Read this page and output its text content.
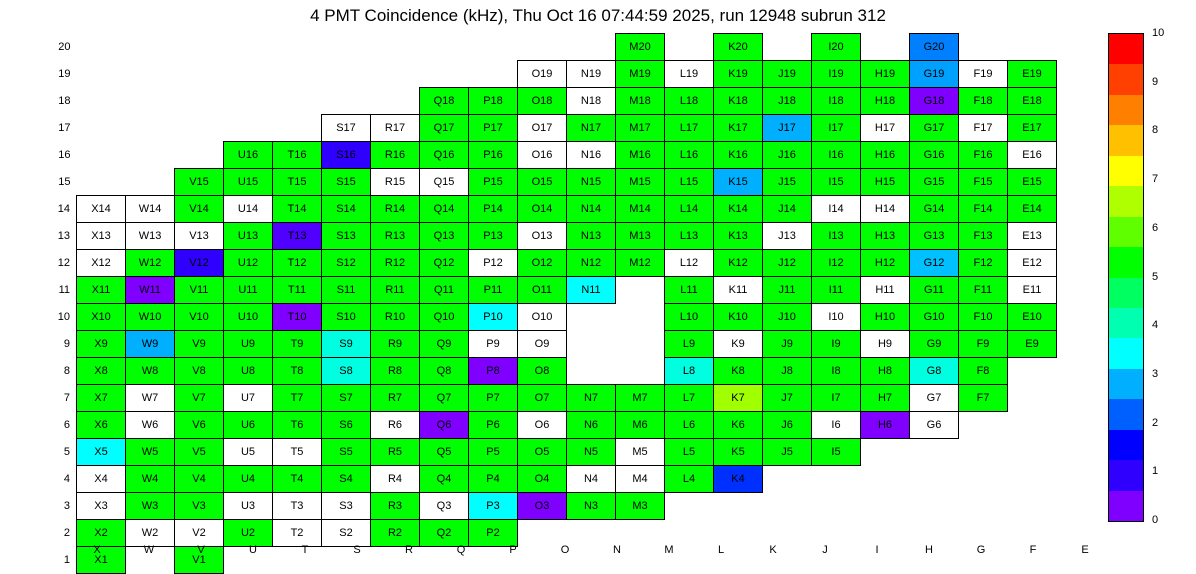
4 PMT Coincidence (kHz), Thu Oct 16 07:44:59 2025, run 12948 subrun 312
20												M20		K20		I20		G20		
19										O19	N19	M19	L19	K19	J19	I19	H19	G19	F19	E19
18								Q18	P18	O18	N18	M18	L18	K18	J18	I18	H18	G18	F18	E18
17						S17	R17	Q17	P17	O17	N17	M17	L17	K17	J17	I17	H17	G17	F17	E17
16				U16	T16	S16	R16	Q16	P16	O16	N16	M16	L16	K16	J16	I16	H16	G16	F16	E16
15			V15	U15	T15	S15	R15	Q15	P15	O15	N15	M15	L15	K15	J15	I15	H15	G15	F15	E15
14	X14	W14	V14	U14	T14	S14	R14	Q14	P14	O14	N14	M14	L14	K14	J14	I14	H14	G14	F14	E14
13	X13	W13	V13	U13	T13	S13	R13	Q13	P13	O13	N13	M13	L13	K13	J13	I13	H13	G13	F13	E13
12	X12	W12	V12	U12	T12	S12	R12	Q12	P12	O12	N12	M12	L12	K12	J12	I12	H12	G12	F12	E12
11	X11	W11	V11	U11	T11	S11	R11	Q11	P11	O11	N11		L11	K11	J11	I11	H11	G11	F11	E11
10	X10	W10	V10	U10	T10	S10	R10	Q10	P10	O10			L10	K10	J10	I10	H10	G10	F10	E10
9	X9	W9	V9	U9	T9	S9	R9	Q9	P9	O9			L9	K9	J9	I9	H9	G9	F9	E9
8	X8	W8	V8	U8	T8	S8	R8	Q8	P8	O8			L8	K8	J8	I8	H8	G8	F8	
7	X7	W7	V7	U7	T7	S7	R7	Q7	P7	O7	N7	M7	L7	K7	J7	I7	H7	G7	F7	
6	X6	W6	V6	U6	T6	S6	R6	Q6	P6	O6	N6	M6	L6	K6	J6	I6	H6	G6		
5	X5	W5	V5	U5	T5	S5	R5	Q5	P5	O5	N5	M5	L5	K5	J5	I5				
4	X4	W4	V4	U4	T4	S4	R4	Q4	P4	O4	N4	M4	L4	K4						
3	X3	W3	V3	U3	T3	S3	R3	Q3	P3	O3	N3	M3								
2	X2	W2	V2	U2	T2	S2	R2	Q2	P2											
1	X1		V1																	
	X	W	V	U	T	S	R	Q	P	O	N	M	L	K	J	I	H	G	F	E
0
1
2
3
4
5
6
7
8
9
10
